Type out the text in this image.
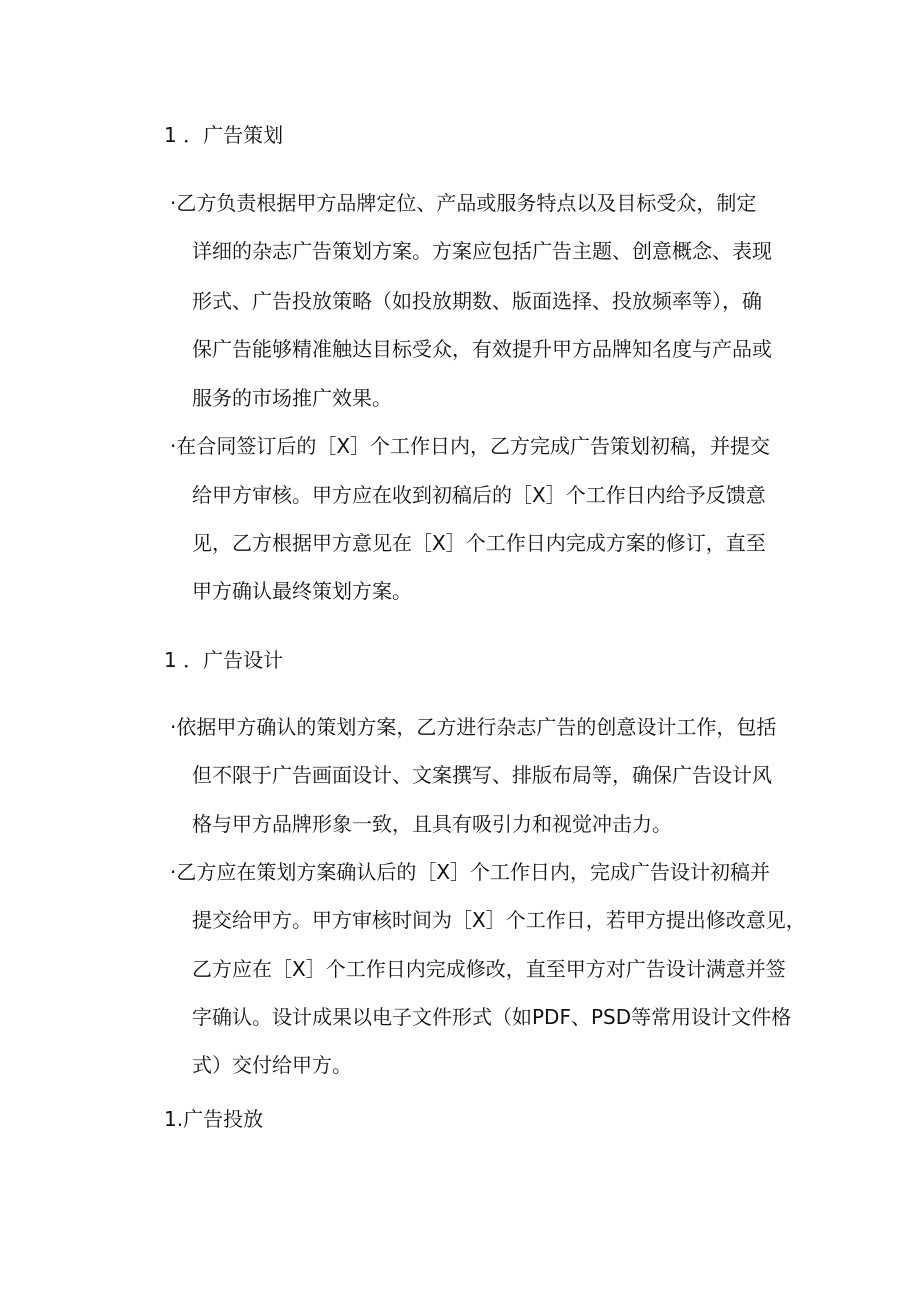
1 ．广告策划
·乙方负责根据甲方品牌定位、产品或服务特点以及目标受众，制定
详细的杂志广告策划方案。方案应包括广告主题、创意概念、表现
形式、广告投放策略（如投放期数、版面选择、投放频率等），确
保广告能够精准触达目标受众，有效提升甲方品牌知名度与产品或
服务的市场推广效果。
·在合同签订后的［X］个工作日内，乙方完成广告策划初稿，并提交
给甲方审核。甲方应在收到初稿后的［X］个工作日内给予反馈意
见，乙方根据甲方意见在［X］个工作日内完成方案的修订，直至
甲方确认最终策划方案。
1 ．广告设计
·依据甲方确认的策划方案，乙方进行杂志广告的创意设计工作，包括
但不限于广告画面设计、文案撰写、排版布局等，确保广告设计风
格与甲方品牌形象一致，且具有吸引力和视觉冲击力。
·乙方应在策划方案确认后的［X］个工作日内，完成广告设计初稿并
提交给甲方。甲方审核时间为［X］个工作日，若甲方提出修改意见，
乙方应在［X］个工作日内完成修改，直至甲方对广告设计满意并签
字确认。设计成果以电子文件形式（如PDF、PSD等常用设计文件格
式）交付给甲方。
1.广告投放
